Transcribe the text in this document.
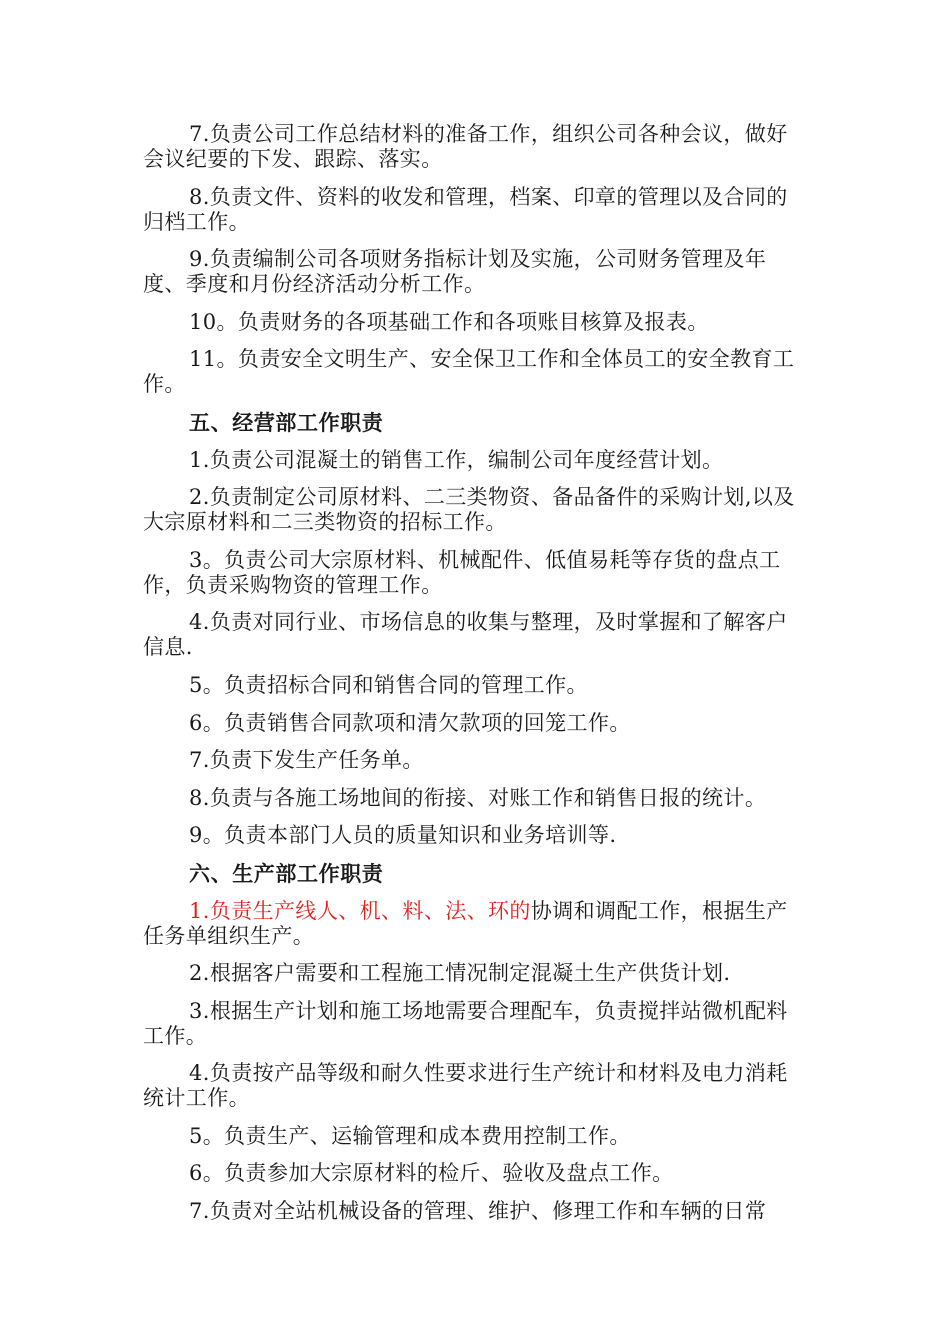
7.负责公司工作总结材料的准备工作，组织公司各种会议，做好会议纪要的下发、跟踪、落实。

8.负责文件、资料的收发和管理，档案、印章的管理以及合同的归档工作。

9.负责编制公司各项财务指标计划及实施，公司财务管理及年度、季度和月份经济活动分析工作。

10。负责财务的各项基础工作和各项账目核算及报表。

11。负责安全文明生产、安全保卫工作和全体员工的安全教育工作。

五、经营部工作职责

1.负责公司混凝土的销售工作，编制公司年度经营计划。

2.负责制定公司原材料、二三类物资、备品备件的采购计划,以及大宗原材料和二三类物资的招标工作。

3。负责公司大宗原材料、机械配件、低值易耗等存货的盘点工作，负责采购物资的管理工作。

4.负责对同行业、市场信息的收集与整理，及时掌握和了解客户信息.

5。负责招标合同和销售合同的管理工作。

6。负责销售合同款项和清欠款项的回笼工作。

7.负责下发生产任务单。

8.负责与各施工场地间的衔接、对账工作和销售日报的统计。

9。负责本部门人员的质量知识和业务培训等.

六、生产部工作职责

1.负责生产线人、机、料、法、环的协调和调配工作，根据生产任务单组织生产。

2.根据客户需要和工程施工情况制定混凝土生产供货计划.

3.根据生产计划和施工场地需要合理配车，负责搅拌站微机配料工作。

4.负责按产品等级和耐久性要求进行生产统计和材料及电力消耗统计工作。

5。负责生产、运输管理和成本费用控制工作。

6。负责参加大宗原材料的检斤、验收及盘点工作。

7.负责对全站机械设备的管理、维护、修理工作和车辆的日常
